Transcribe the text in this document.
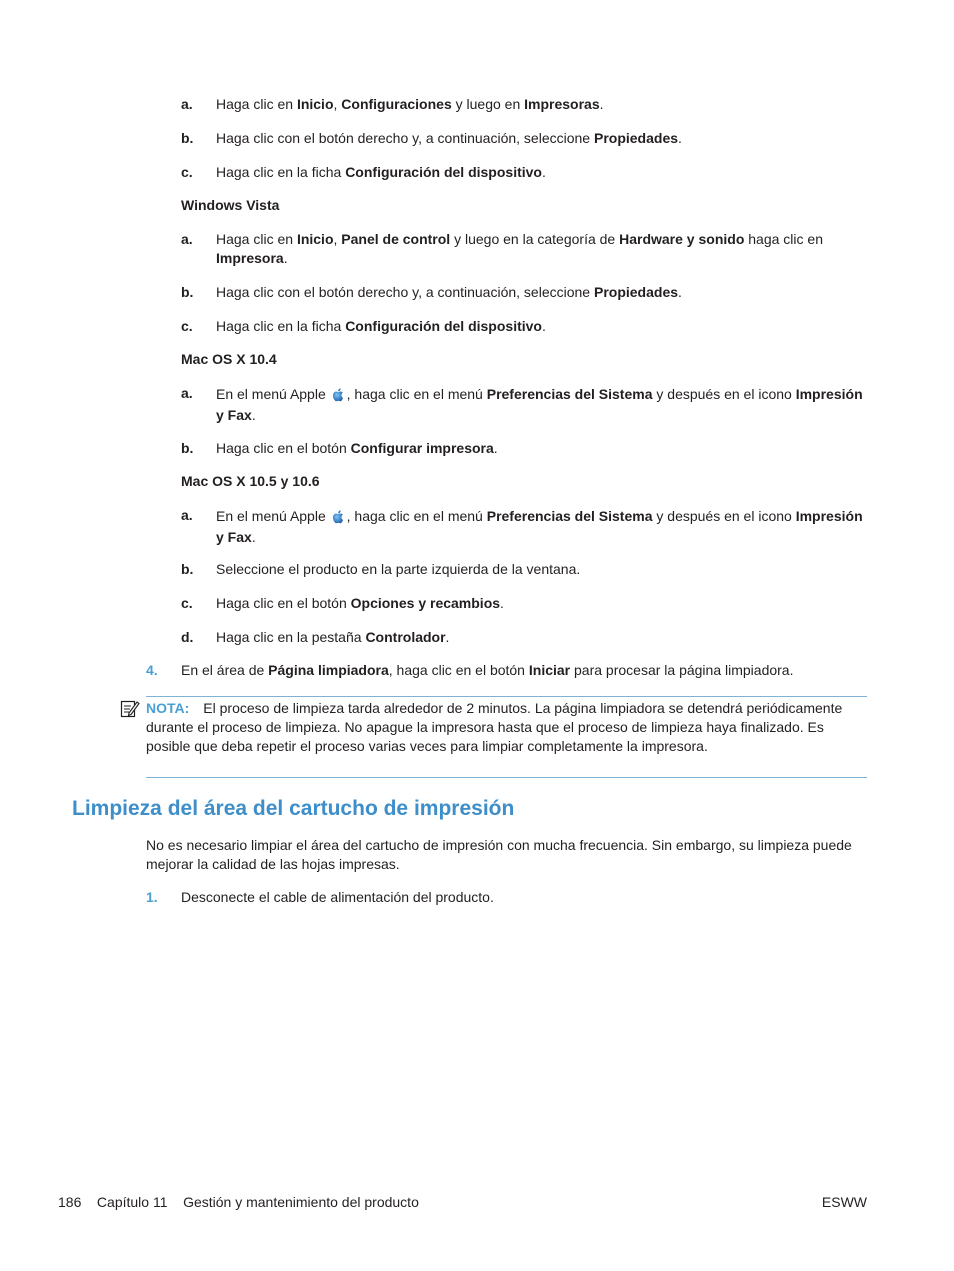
a. Haga clic en Inicio, Configuraciones y luego en Impresoras.
b. Haga clic con el botón derecho y, a continuación, seleccione Propiedades.
c. Haga clic en la ficha Configuración del dispositivo.
Windows Vista
a. Haga clic en Inicio, Panel de control y luego en la categoría de Hardware y sonido haga clic en Impresora.
b. Haga clic con el botón derecho y, a continuación, seleccione Propiedades.
c. Haga clic en la ficha Configuración del dispositivo.
Mac OS X 10.4
a. En el menú Apple , haga clic en el menú Preferencias del Sistema y después en el icono Impresión y Fax.
b. Haga clic en el botón Configurar impresora.
Mac OS X 10.5 y 10.6
a. En el menú Apple , haga clic en el menú Preferencias del Sistema y después en el icono Impresión y Fax.
b. Seleccione el producto en la parte izquierda de la ventana.
c. Haga clic en el botón Opciones y recambios.
d. Haga clic en la pestaña Controlador.
4. En el área de Página limpiadora, haga clic en el botón Iniciar para procesar la página limpiadora.
NOTA: El proceso de limpieza tarda alrededor de 2 minutos. La página limpiadora se detendrá periódicamente durante el proceso de limpieza. No apague la impresora hasta que el proceso de limpieza haya finalizado. Es posible que deba repetir el proceso varias veces para limpiar completamente la impresora.
Limpieza del área del cartucho de impresión
No es necesario limpiar el área del cartucho de impresión con mucha frecuencia. Sin embargo, su limpieza puede mejorar la calidad de las hojas impresas.
1. Desconecte el cable de alimentación del producto.
186 Capítulo 11 Gestión y mantenimiento del producto	ESWW
